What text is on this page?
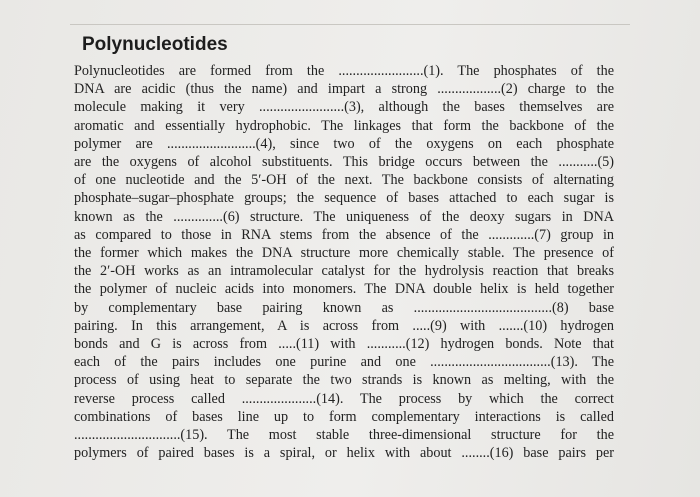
Polynucleotides
Polynucleotides are formed from the ........................(1). The phosphates of the
DNA are acidic (thus the name) and impart a strong ..................(2) charge to the
molecule making it very ........................(3), although the bases themselves are
aromatic and essentially hydrophobic. The linkages that form the backbone of the
polymer are .........................(4), since two of the oxygens on each phosphate
are the oxygens of alcohol substituents. This bridge occurs between the ...........(5)
of one nucleotide and the 5′-OH of the next. The backbone consists of alternating
phosphate–sugar–phosphate groups; the sequence of bases attached to each sugar is
known as the ..............(6) structure. The uniqueness of the deoxy sugars in DNA
as compared to those in RNA stems from the absence of the .............(7) group in
the former which makes the DNA structure more chemically stable. The presence of
the 2′-OH works as an intramolecular catalyst for the hydrolysis reaction that breaks
the polymer of nucleic acids into monomers. The DNA double helix is held together
by complementary base pairing known as .......................................(8) base
pairing. In this arrangement, A is across from .....(9) with .......(10) hydrogen
bonds and G is across from .....(11) with ...........(12) hydrogen bonds. Note that
each of the pairs includes one purine and one ..................................(13). The
process of using heat to separate the two strands is known as melting, with the
reverse process called .....................(14). The process by which the correct
combinations of bases line up to form complementary interactions is called
..............................(15). The most stable three-dimensional structure for the
polymers of paired bases is a spiral, or helix with about ........(16) base pairs per
